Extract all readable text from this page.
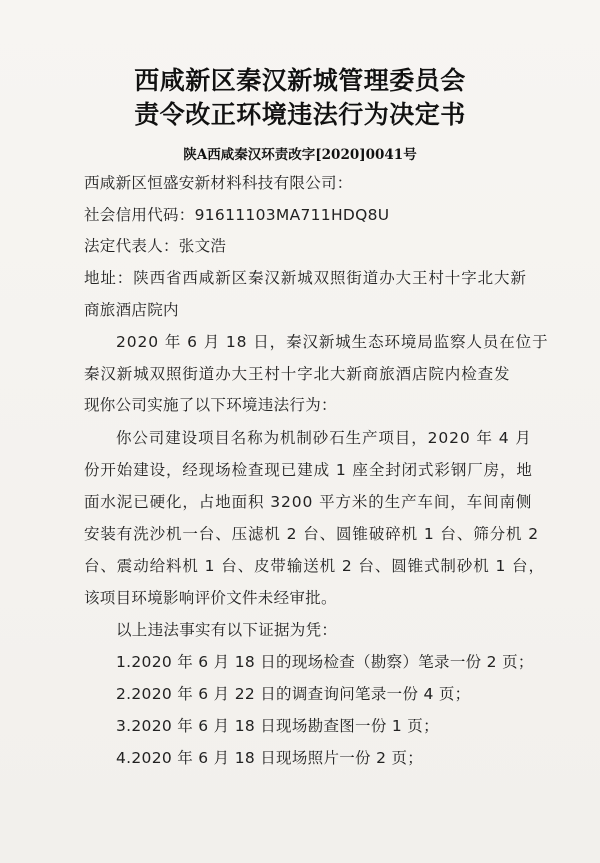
西咸新区秦汉新城管理委员会
责令改正环境违法行为决定书
陕A西咸秦汉环责改字[2020]0041号
西咸新区恒盛安新材料科技有限公司：
社会信用代码：91611103MA711HDQ8U
法定代表人：张文浩
地址：陕西省西咸新区秦汉新城双照街道办大王村十字北大新
商旅酒店院内
2020 年 6 月 18 日，秦汉新城生态环境局监察人员在位于
秦汉新城双照街道办大王村十字北大新商旅酒店院内检查发
现你公司实施了以下环境违法行为：
你公司建设项目名称为机制砂石生产项目，2020 年 4 月
份开始建设，经现场检查现已建成 1 座全封闭式彩钢厂房，地
面水泥已硬化，占地面积 3200 平方米的生产车间，车间南侧
安装有洗沙机一台、压滤机 2 台、圆锥破碎机 1 台、筛分机 2
台、震动给料机 1 台、皮带输送机 2 台、圆锥式制砂机 1 台，
该项目环境影响评价文件未经审批。
以上违法事实有以下证据为凭：
1.2020 年 6 月 18 日的现场检查（勘察）笔录一份 2 页；
2.2020 年 6 月 22 日的调查询问笔录一份 4 页；
3.2020 年 6 月 18 日现场勘查图一份 1 页；
4.2020 年 6 月 18 日现场照片一份 2 页；
